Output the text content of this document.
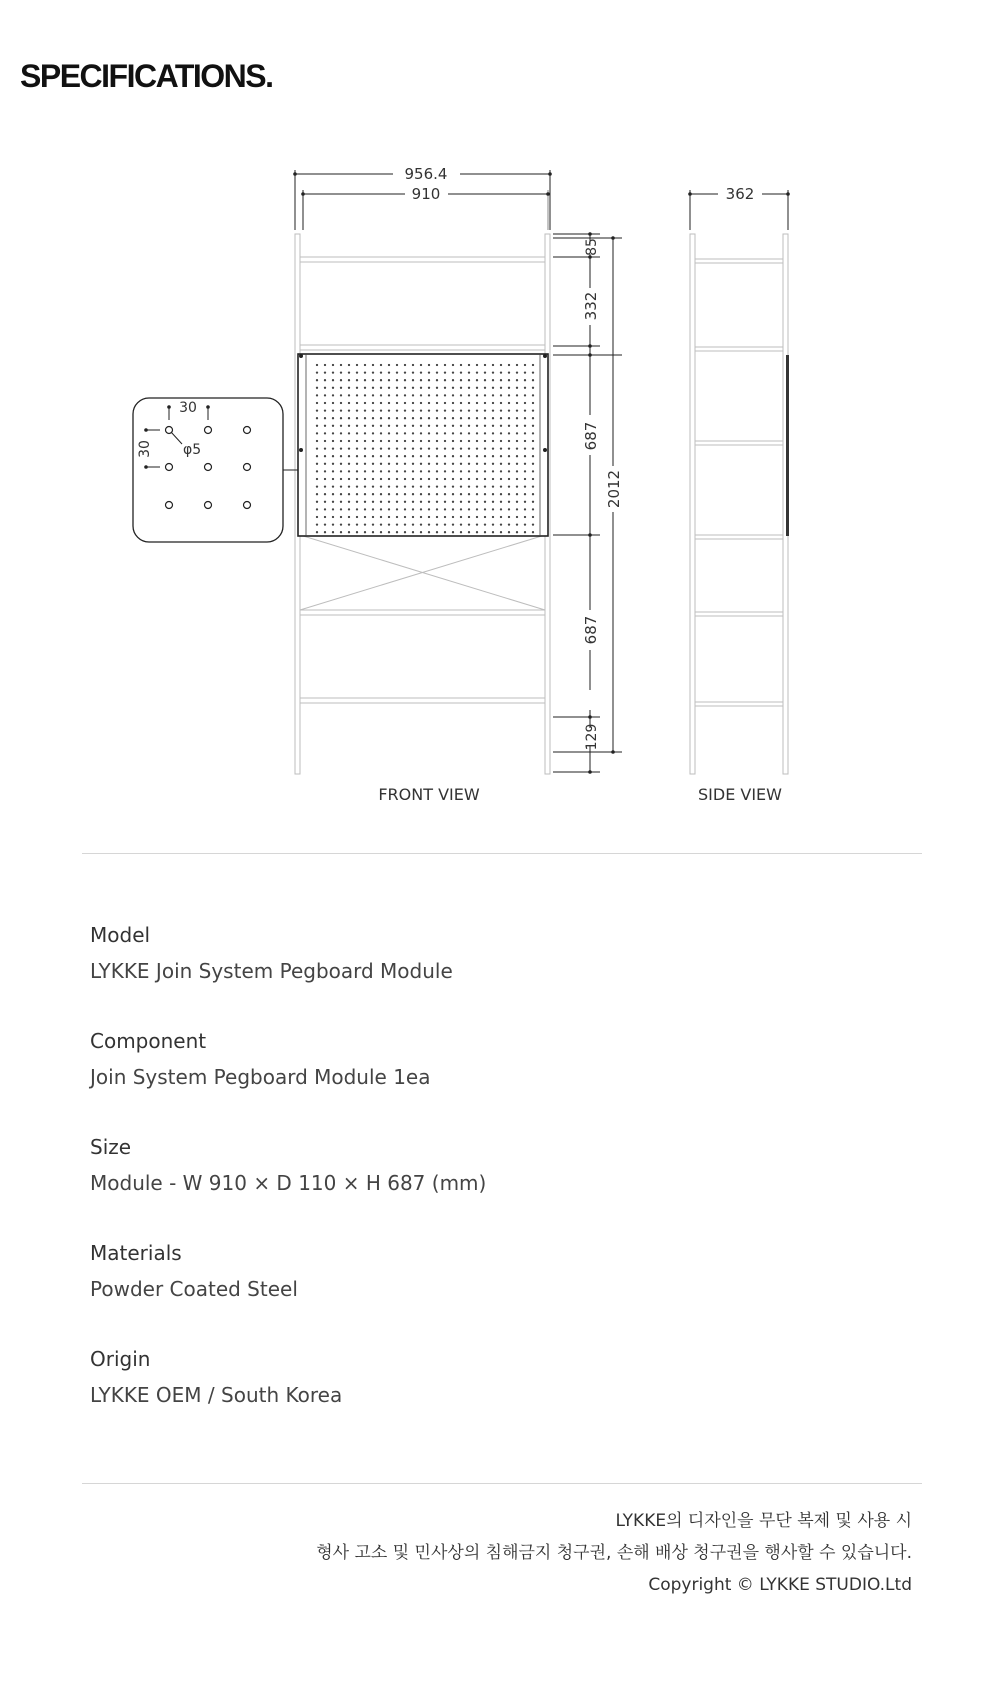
SPECIFICATIONS.
30
30 φ5
956.4
910
85
332
687
687
129
2012
362
FRONT VIEW	SIDE VIEW
Model
LYKKE Join System Pegboard Module
Component
Join System Pegboard Module 1ea
Size
Module - W 910 × D 110 × H 687 (mm)
Materials
Powder Coated Steel
Origin
LYKKE OEM / South Korea
LYKKE의 디자인을 무단 복제 및 사용 시
형사 고소 및 민사상의 침해금지 청구권, 손해 배상 청구권을 행사할 수 있습니다.
Copyright © LYKKE STUDIO.Ltd
